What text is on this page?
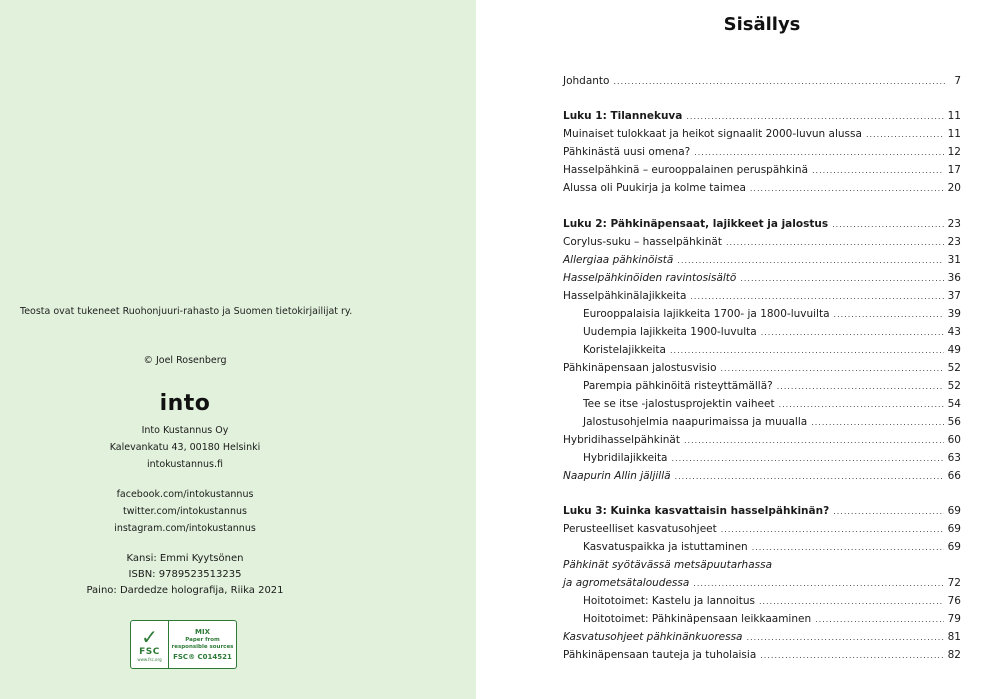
Teosta ovat tukeneet Ruohonjuuri-rahasto ja Suomen tietokirjailijat ry.
© Joel Rosenberg
into
Into Kustannus Oy
Kalevankatu 43, 00180 Helsinki
intokustannus.fi
facebook.com/intokustannus
twitter.com/intokustannus
instagram.com/intokustannus
Kansi: Emmi Kyytsönen
ISBN: 9789523513235
Paino: Dardedze holografija, Riika 2021
✓
FSC
www.fsc.org
MIX
Paper from
responsible sources
FSC® C014521
Sisällys
Johdanto .....	7
Luku 1: Tilannekuva .....	11
Muinaiset tulokkaat ja heikot signaalit 2000-luvun alussa .....	11
Pähkinästä uusi omena? .....	12
Hasselpähkinä – eurooppalainen peruspähkinä .....	17
Alussa oli Puukirja ja kolme taimea .....	20
Luku 2: Pähkinäpensaat, lajikkeet ja jalostus .....	23
Corylus-suku – hasselpähkinät .....	23
Allergiaa pähkinöistä .....	31
Hasselpähkinöiden ravintosisältö .....	36
Hasselpähkinälajikkeita .....	37
Eurooppalaisia lajikkeita 1700- ja 1800-luvuilta .....	39
Uudempia lajikkeita 1900-luvulta .....	43
Koristelajikkeita .....	49
Pähkinäpensaan jalostusvisio .....	52
Parempia pähkinöitä risteyttämällä? .....	52
Tee se itse -jalostusprojektin vaiheet .....	54
Jalostusohjelmia naapurimaissa ja muualla .....	56
Hybridihasselpähkinät .....	60
Hybridilajikkeita .....	63
Naapurin Allin jäljillä .....	66
Luku 3: Kuinka kasvattaisin hasselpähkinän? .....	69
Perusteelliset kasvatusohjeet .....	69
Kasvatuspaikka ja istuttaminen .....	69
Pähkinät syötävässä metsäpuutarhassa
ja agrometsätaloudessa .....	72
Hoitotoimet: Kastelu ja lannoitus .....	76
Hoitotoimet: Pähkinäpensaan leikkaaminen .....	79
Kasvatusohjeet pähkinänkuoressa .....	81
Pähkinäpensaan tauteja ja tuholaisia .....	82
